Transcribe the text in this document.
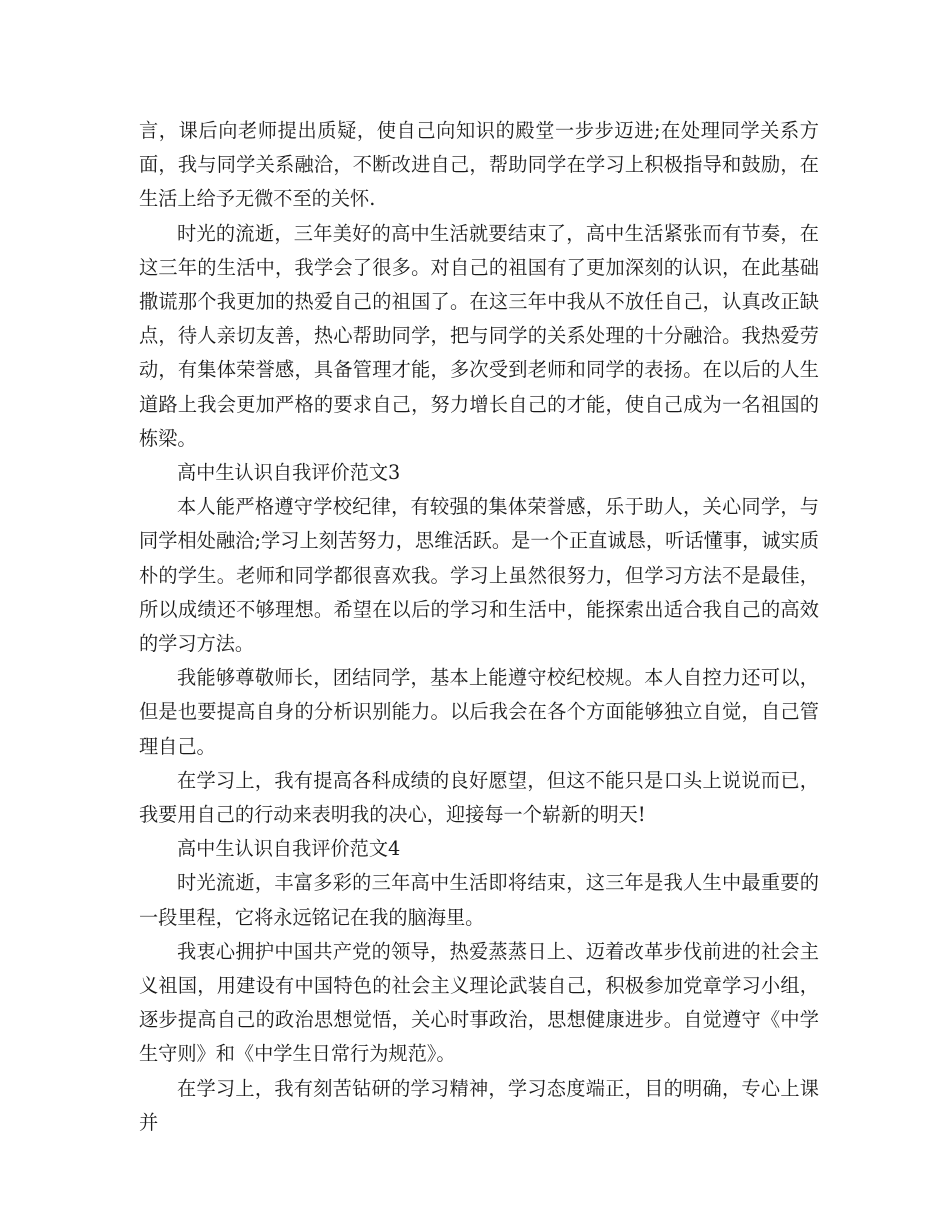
言，课后向老师提出质疑，使自己向知识的殿堂一步步迈进;在处理同学关系方面，我与同学关系融洽，不断改进自己，帮助同学在学习上积极指导和鼓励，在生活上给予无微不至的关怀.

时光的流逝，三年美好的高中生活就要结束了，高中生活紧张而有节奏，在这三年的生活中，我学会了很多。对自己的祖国有了更加深刻的认识，在此基础撒谎那个我更加的热爱自己的祖国了。在这三年中我从不放任自己，认真改正缺点，待人亲切友善，热心帮助同学，把与同学的关系处理的十分融洽。我热爱劳动，有集体荣誉感，具备管理才能，多次受到老师和同学的表扬。在以后的人生道路上我会更加严格的要求自己，努力增长自己的才能，使自己成为一名祖国的栋梁。

高中生认识自我评价范文3

本人能严格遵守学校纪律，有较强的集体荣誉感，乐于助人，关心同学，与同学相处融洽;学习上刻苦努力，思维活跃。是一个正直诚恳，听话懂事，诚实质朴的学生。老师和同学都很喜欢我。学习上虽然很努力，但学习方法不是最佳，所以成绩还不够理想。希望在以后的学习和生活中，能探索出适合我自己的高效的学习方法。

我能够尊敬师长，团结同学，基本上能遵守校纪校规。本人自控力还可以，但是也要提高自身的分析识别能力。以后我会在各个方面能够独立自觉，自己管理自己。

在学习上，我有提高各科成绩的良好愿望，但这不能只是口头上说说而已，我要用自己的行动来表明我的决心，迎接每一个崭新的明天!

高中生认识自我评价范文4

时光流逝，丰富多彩的三年高中生活即将结束，这三年是我人生中最重要的一段里程，它将永远铭记在我的脑海里。

我衷心拥护中国共产党的领导，热爱蒸蒸日上、迈着改革步伐前进的社会主义祖国，用建设有中国特色的社会主义理论武装自己，积极参加党章学习小组，逐步提高自己的政治思想觉悟，关心时事政治，思想健康进步。自觉遵守《中学生守则》和《中学生日常行为规范》。

在学习上，我有刻苦钻研的学习精神，学习态度端正，目的明确，专心上课并
